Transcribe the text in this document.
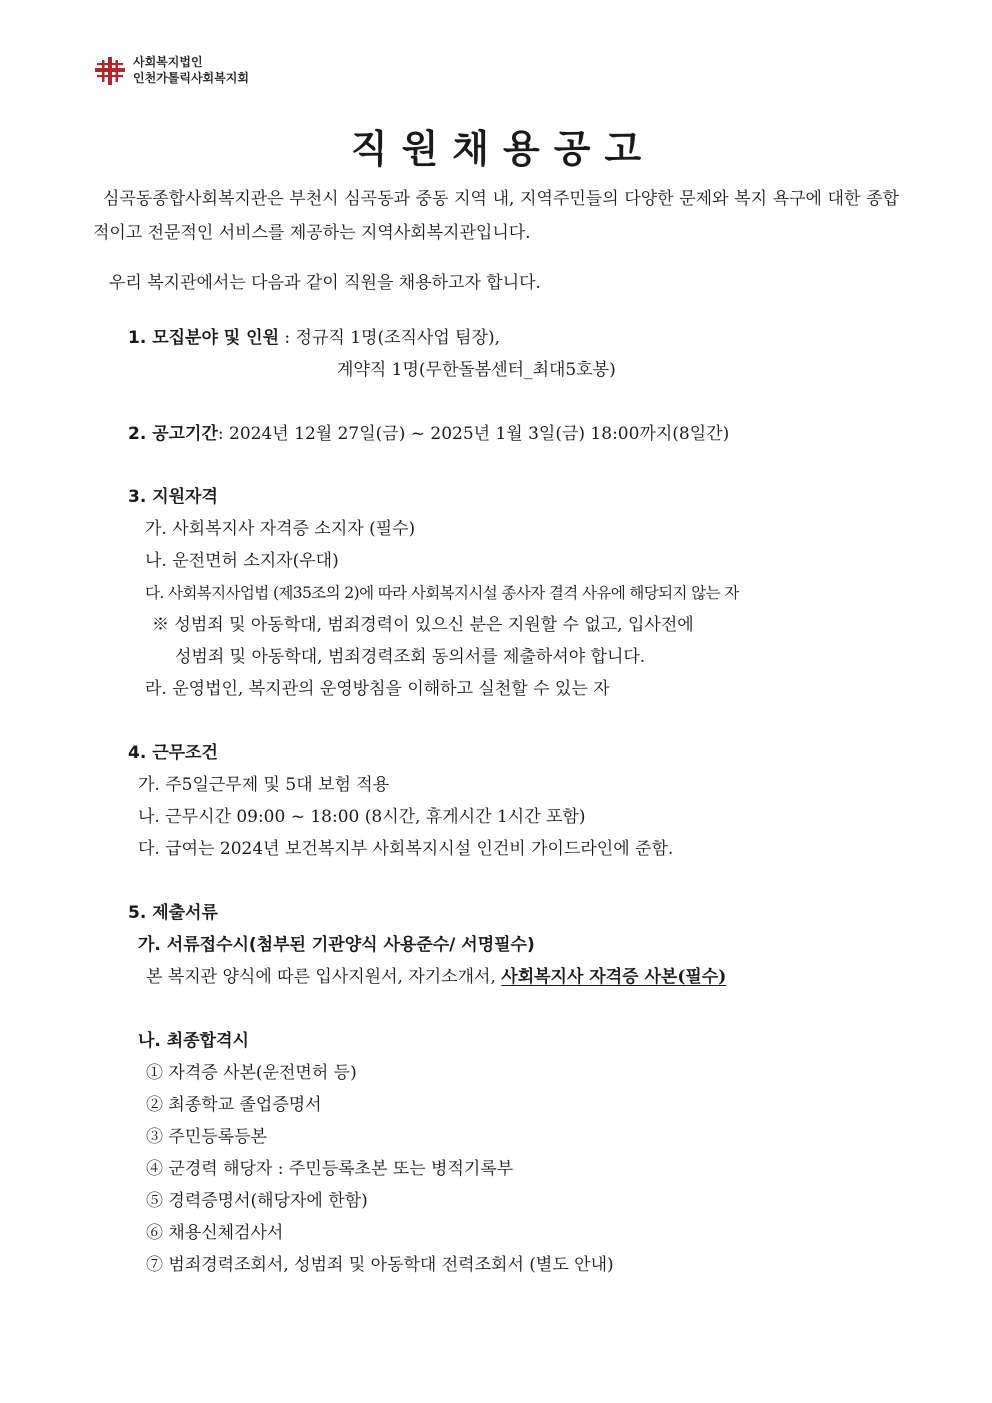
사회복지법인
인천가톨릭사회복지회
직원채용공고
심곡동종합사회복지관은 부천시 심곡동과 중동 지역 내, 지역주민들의 다양한 문제와 복지 욕구에 대한 종합적이고 전문적인 서비스를 제공하는 지역사회복지관입니다.
우리 복지관에서는 다음과 같이 직원을 채용하고자 합니다.
1. 모집분야 및 인원 : 정규직 1명(조직사업 팀장),
계약직 1명(무한돌봄센터_최대5호봉)
2. 공고기간: 2024년 12월 27일(금) ~ 2025년 1월 3일(금) 18:00까지(8일간)
3. 지원자격
가. 사회복지사 자격증 소지자 (필수)
나. 운전면허 소지자(우대)
다. 사회복지사업법 (제35조의 2)에 따라 사회복지시설 종사자 결격 사유에 해당되지 않는 자
※ 성범죄 및 아동학대, 범죄경력이 있으신 분은 지원할 수 없고, 입사전에
성범죄 및 아동학대, 범죄경력조회 동의서를 제출하셔야 합니다.
라. 운영법인, 복지관의 운영방침을 이해하고 실천할 수 있는 자
4. 근무조건
가. 주5일근무제 및 5대 보험 적용
나. 근무시간 09:00 ~ 18:00 (8시간, 휴게시간 1시간 포함)
다. 급여는 2024년 보건복지부 사회복지시설 인건비 가이드라인에 준함.
5. 제출서류
가. 서류접수시(첨부된 기관양식 사용준수/ 서명필수)
본 복지관 양식에 따른 입사지원서, 자기소개서, 사회복지사 자격증 사본(필수)
나. 최종합격시
① 자격증 사본(운전면허 등)
② 최종학교 졸업증명서
③ 주민등록등본
④ 군경력 해당자 : 주민등록초본 또는 병적기록부
⑤ 경력증명서(해당자에 한함)
⑥ 채용신체검사서
⑦ 범죄경력조회서, 성범죄 및 아동학대 전력조회서 (별도 안내)
